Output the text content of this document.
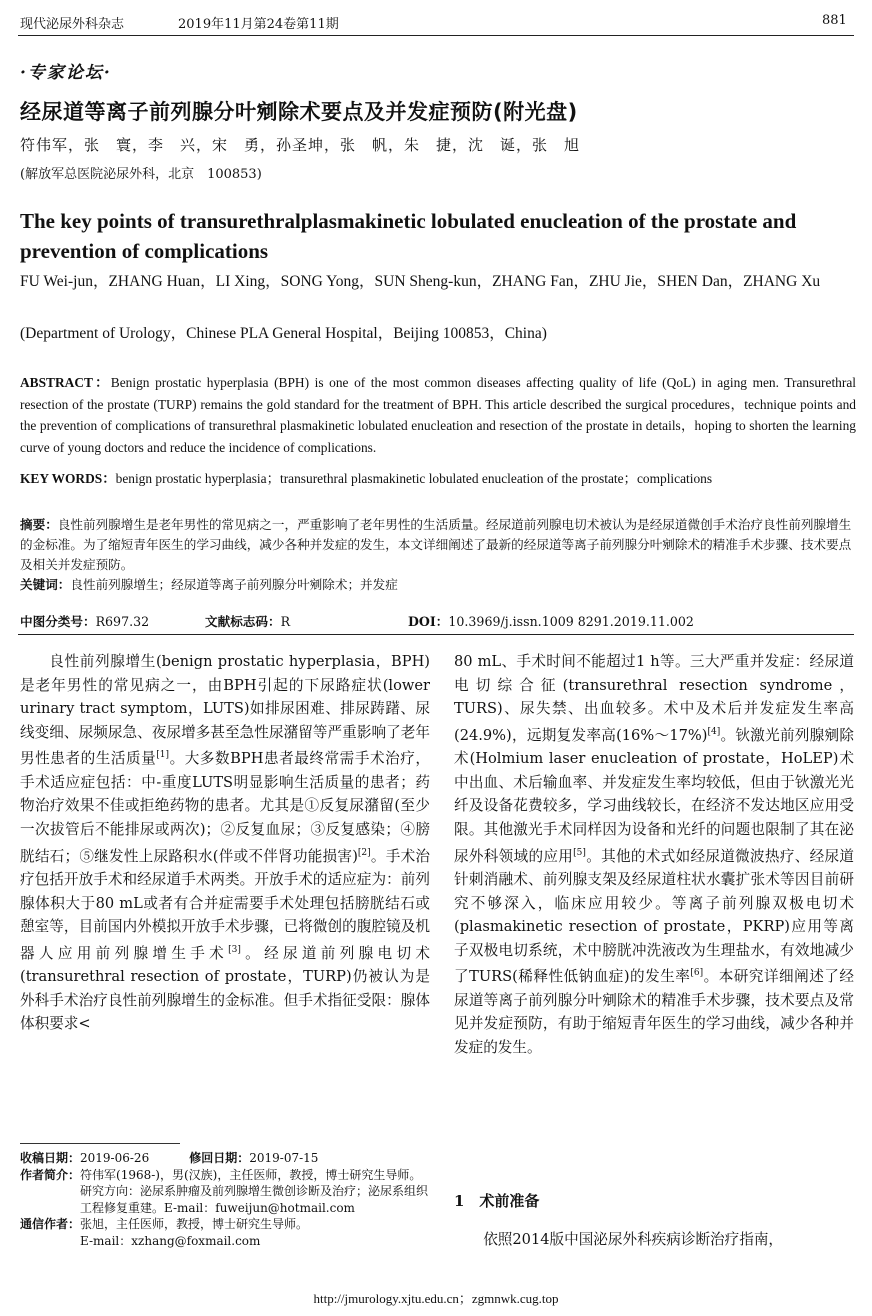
现代泌尿外科杂志	2019年11月第24卷第11期	881
·专家论坛·
经尿道等离子前列腺分叶剜除术要点及并发症预防(附光盘)
符伟军，张　寰，李　兴，宋　勇，孙圣坤，张　帆，朱　捷，沈　诞，张　旭
(解放军总医院泌尿外科，北京　100853)
The key points of transurethralplasmakinetic lobulated enucleation of the prostate and prevention of complications
FU Wei-jun，ZHANG Huan，LI Xing，SONG Yong，SUN Sheng-kun，ZHANG Fan，ZHU Jie，SHEN Dan，ZHANG Xu
(Department of Urology，Chinese PLA General Hospital，Beijing 100853，China)
ABSTRACT：Benign prostatic hyperplasia (BPH) is one of the most common diseases affecting quality of life (QoL) in aging men. Transurethral resection of the prostate (TURP) remains the gold standard for the treatment of BPH. This article described the surgical procedures，technique points and the prevention of complications of transurethral plasmakinetic lobulated enucleation and resection of the prostate in details，hoping to shorten the learning curve of young doctors and reduce the incidence of complications.
KEY WORDS：benign prostatic hyperplasia；transurethral plasmakinetic lobulated enucleation of the prostate；complications
摘要：良性前列腺增生是老年男性的常见病之一，严重影响了老年男性的生活质量。经尿道前列腺电切术被认为是经尿道微创手术治疗良性前列腺增生的金标准。为了缩短青年医生的学习曲线，减少各种并发症的发生，本文详细阐述了最新的经尿道等离子前列腺分叶剜除术的精准手术步骤、技术要点及相关并发症预防。
关键词：良性前列腺增生；经尿道等离子前列腺分叶剜除术；并发症
中图分类号：R697.32	文献标志码：R	DOI：10.3969/j.issn.1009 8291.2019.11.002

良性前列腺增生(benign prostatic hyperplasia，BPH)是老年男性的常见病之一，由BPH引起的下尿路症状(lower urinary tract symptom，LUTS)如排尿困难、排尿踌躇、尿线变细、尿频尿急、夜尿增多甚至急性尿潴留等严重影响了老年男性患者的生活质量[1]。大多数BPH患者最终常需手术治疗，手术适应症包括：中-重度LUTS明显影响生活质量的患者；药物治疗效果不佳或拒绝药物的患者。尤其是①反复尿潴留(至少一次拔管后不能排尿或两次)；②反复血尿；③反复感染；④膀胱结石；⑤继发性上尿路积水(伴或不伴肾功能损害)[2]。手术治疗包括开放手术和经尿道手术两类。开放手术的适应症为：前列腺体积大于80 mL或者有合并症需要手术处理包括膀胱结石或憩室等，目前国内外模拟开放手术步骤，已将微创的腹腔镜及机器人应用前列腺增生手术[3]。经尿道前列腺电切术(transurethral resection of prostate，TURP)仍被认为是外科手术治疗良性前列腺增生的金标准。但手术指征受限：腺体体积要求<

收稿日期：2019-06-26	修回日期：2019-07-15
作者简介：符伟军(1968-)，男(汉族)，主任医师，教授，博士研究生导师。研究方向：泌尿系肿瘤及前列腺增生微创诊断及治疗；泌尿系组织工程修复重建。E-mail：fuweijun@hotmail.com
通信作者：张旭，主任医师，教授，博士研究生导师。
E-mail：xzhang@foxmail.com

80 mL、手术时间不能超过1 h等。三大严重并发症：经尿道电切综合征(transurethral resection syndrome，TURS)、尿失禁、出血较多。术中及术后并发症发生率高(24.9%)，远期复发率高(16%～17%)[4]。钬激光前列腺剜除术(Holmium laser enucleation of prostate，HoLEP)术中出血、术后输血率、并发症发生率均较低，但由于钬激光光纤及设备花费较多，学习曲线较长，在经济不发达地区应用受限。其他激光手术同样因为设备和光纤的问题也限制了其在泌尿外科领域的应用[5]。其他的术式如经尿道微波热疗、经尿道针刺消融术、前列腺支架及经尿道柱状水囊扩张术等因目前研究不够深入，临床应用较少。等离子前列腺双极电切术(plasmakinetic resection of prostate，PKRP)应用等离子双极电切系统，术中膀胱冲洗液改为生理盐水，有效地减少了TURS(稀释性低钠血症)的发生率[6]。本研究详细阐述了经尿道等离子前列腺分叶剜除术的精准手术步骤，技术要点及常见并发症预防，有助于缩短青年医生的学习曲线，减少各种并发症的发生。

1　术前准备

依照2014版中国泌尿外科疾病诊断治疗指南，

http://jmurology.xjtu.edu.cn；zgmnwk.cug.top
